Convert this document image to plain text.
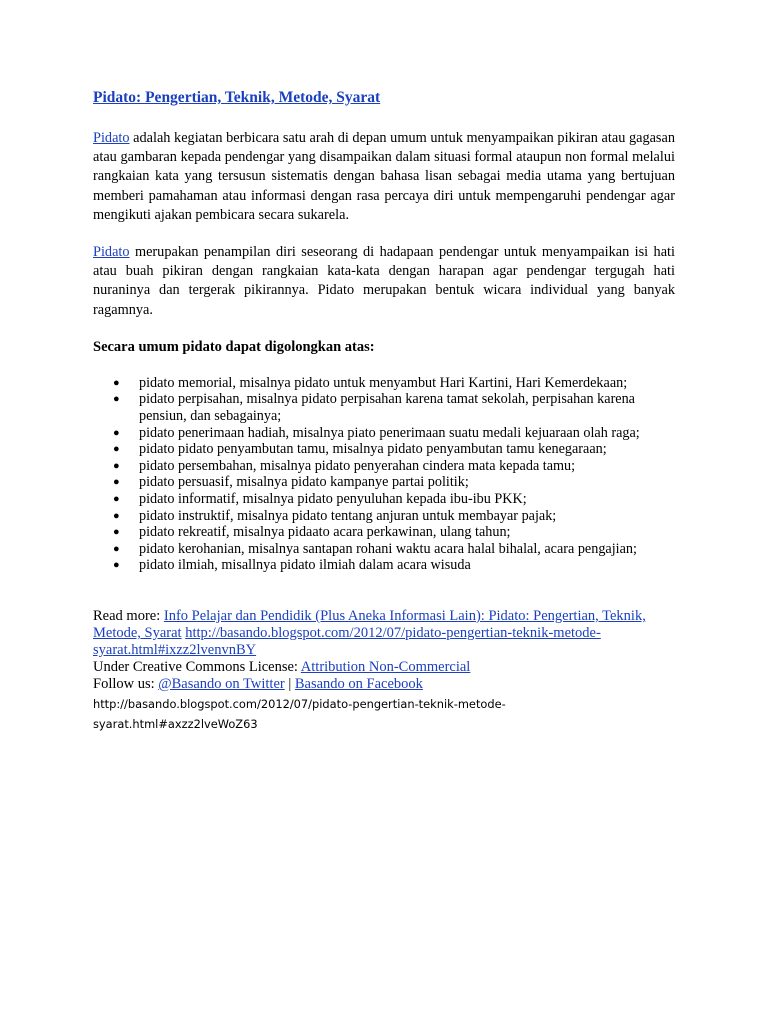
Pidato: Pengertian, Teknik, Metode, Syarat

Pidato adalah kegiatan berbicara satu arah di depan umum untuk menyampaikan pikiran atau gagasan atau gambaran kepada pendengar yang disampaikan dalam situasi formal ataupun non formal melalui rangkaian kata yang tersusun sistematis dengan bahasa lisan sebagai media utama yang bertujuan memberi pamahaman atau informasi dengan rasa percaya diri untuk mempengaruhi pendengar agar mengikuti ajakan pembicara secara sukarela.

Pidato merupakan penampilan diri seseorang di hadapaan pendengar untuk menyampaikan isi hati atau buah pikiran dengan rangkaian kata-kata dengan harapan agar pendengar tergugah hati nuraninya dan tergerak pikirannya. Pidato merupakan bentuk wicara individual yang banyak ragamnya.

Secara umum pidato dapat digolongkan atas:
● pidato memorial, misalnya pidato untuk menyambut Hari Kartini, Hari Kemerdekaan;
● pidato perpisahan, misalnya pidato perpisahan karena tamat sekolah, perpisahan karena pensiun, dan sebagainya;
● pidato penerimaan hadiah, misalnya piato penerimaan suatu medali kejuaraan olah raga;
● pidato pidato penyambutan tamu, misalnya pidato penyambutan tamu kenegaraan;
● pidato persembahan, misalnya pidato penyerahan cindera mata kepada tamu;
● pidato persuasif, misalnya pidato kampanye partai politik;
● pidato informatif, misalnya pidato penyuluhan kepada ibu-ibu PKK;
● pidato instruktif, misalnya pidato tentang anjuran untuk membayar pajak;
● pidato rekreatif, misalnya pidaato acara perkawinan, ulang tahun;
● pidato kerohanian, misalnya santapan rohani waktu acara halal bihalal, acara pengajian;
● pidato ilmiah, misallnya pidato ilmiah dalam acara wisuda
Read more: Info Pelajar dan Pendidik (Plus Aneka Informasi Lain): Pidato: Pengertian, Teknik, Metode, Syarat http://basando.blogspot.com/2012/07/pidato-pengertian-teknik-metode-syarat.html#ixzz2lvenvnBY
Under Creative Commons License: Attribution Non-Commercial
Follow us: @Basando on Twitter | Basando on Facebook
http://basando.blogspot.com/2012/07/pidato-pengertian-teknik-metode-syarat.html#axzz2lveWoZ63
